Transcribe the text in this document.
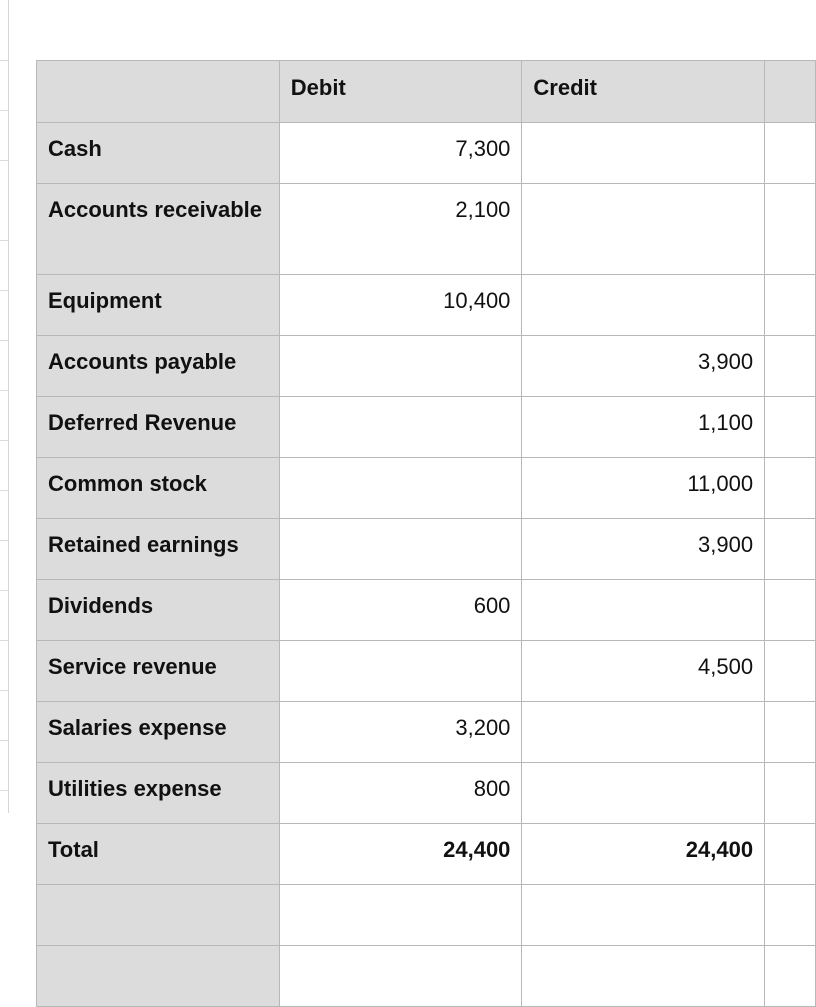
	Debit	Credit	
Cash	7,300		
Accounts receivable	2,100		
Equipment	10,400		
Accounts payable		3,900	
Deferred Revenue		1,100	
Common stock		11,000	
Retained earnings		3,900	
Dividends	600		
Service revenue		4,500	
Salaries expense	3,200		
Utilities expense	800		
Total	24,400	24,400	
